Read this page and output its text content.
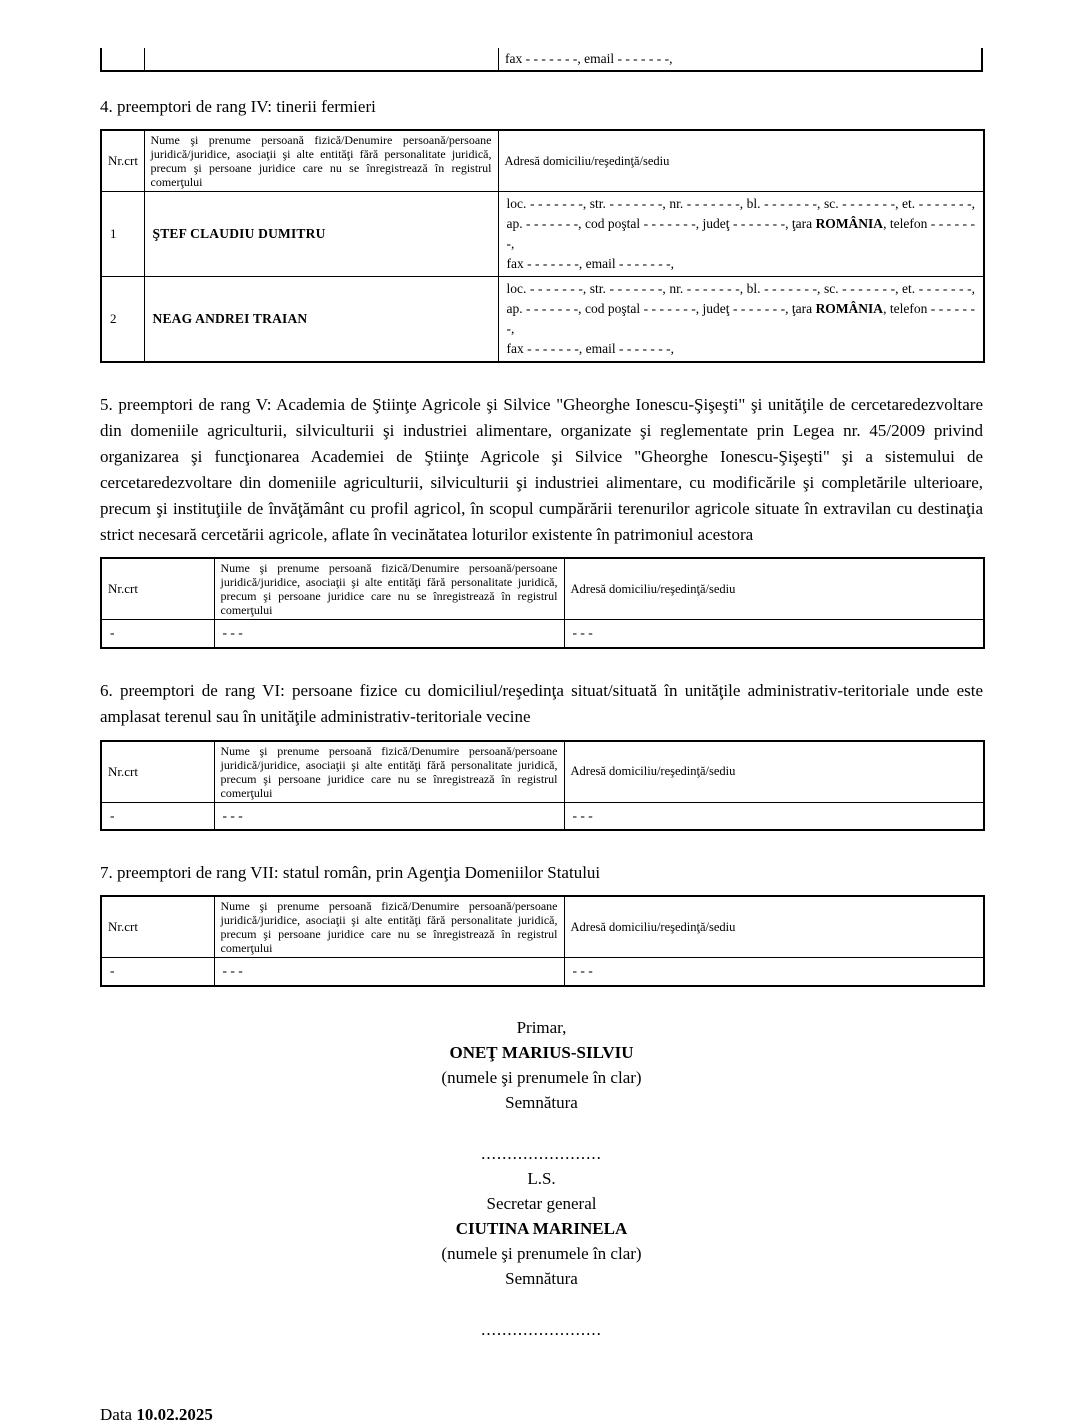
fax - - - - - - -, email - - - - - - -,

4. preemptori de rang IV: tinerii fermieri

Nr.crt	Nume şi prenume persoană fizică/Denumire persoană/persoane juridică/juridice, asociaţii şi alte entităţi fără personalitate juridică, precum şi persoane juridice care nu se înregistrează în registrul comerţului	Adresă domiciliu/reşedinţă/sediu
1	ŞTEF CLAUDIU DUMITRU	loc. - - - - - - -, str. - - - - - - -, nr. - - - - - - -, bl. - - - - - - -, sc. - - - - - - -, et. - - - - - - -,
ap. - - - - - - -, cod poştal - - - - - - -, judeţ - - - - - - -, ţara ROMÂNIA, telefon - - - - - - -,
fax - - - - - - -, email - - - - - - -,

2	NEAG ANDREI TRAIAN	loc. - - - - - - -, str. - - - - - - -, nr. - - - - - - -, bl. - - - - - - -, sc. - - - - - - -, et. - - - - - - -,
ap. - - - - - - -, cod poştal - - - - - - -, judeţ - - - - - - -, ţara ROMÂNIA, telefon - - - - - - -,
fax - - - - - - -, email - - - - - - -,

5. preemptori de rang V: Academia de Ştiinţe Agricole şi Silvice "Gheorghe Ionescu-Şişeşti" şi unităţile de cercetaredezvoltare din domeniile agriculturii, silviculturii şi industriei alimentare, organizate şi reglementate prin Legea nr. 45/2009 privind organizarea şi funcţionarea Academiei de Ştiinţe Agricole şi Silvice "Gheorghe Ionescu-Şişeşti" şi a sistemului de cercetaredezvoltare din domeniile agriculturii, silviculturii şi industriei alimentare, cu modificările şi completările ulterioare, precum şi instituţiile de învăţământ cu profil agricol, în scopul cumpărării terenurilor agricole situate în extravilan cu destinaţia strict necesară cercetării agricole, aflate în vecinătatea loturilor existente în patrimoniul acestora

Nr.crt	Nume şi prenume persoană fizică/Denumire persoană/persoane juridică/juridice, asociaţii şi alte entităţi fără personalitate juridică, precum şi persoane juridice care nu se înregistrează în registrul comerţului	Adresă domiciliu/reşedinţă/sediu
-	- - -	- - -

6. preemptori de rang VI: persoane fizice cu domiciliul/reşedinţa situat/situată în unităţile administrativ-teritoriale unde este amplasat terenul sau în unităţile administrativ-teritoriale vecine

Nr.crt	Nume şi prenume persoană fizică/Denumire persoană/persoane juridică/juridice, asociaţii şi alte entităţi fără personalitate juridică, precum şi persoane juridice care nu se înregistrează în registrul comerţului	Adresă domiciliu/reşedinţă/sediu
-	- - -	- - -

7. preemptori de rang VII: statul român, prin Agenţia Domeniilor Statului

Nr.crt	Nume şi prenume persoană fizică/Denumire persoană/persoane juridică/juridice, asociaţii şi alte entităţi fără personalitate juridică, precum şi persoane juridice care nu se înregistrează în registrul comerţului	Adresă domiciliu/reşedinţă/sediu
-	- - -	- - -
Primar,
ONEŢ MARIUS-SILVIU
(numele şi prenumele în clar)
Semnătura
.......................
L.S.
Secretar general
CIUTINA MARINELA
(numele şi prenumele în clar)
Semnătura
.......................
Data 10.02.2025
